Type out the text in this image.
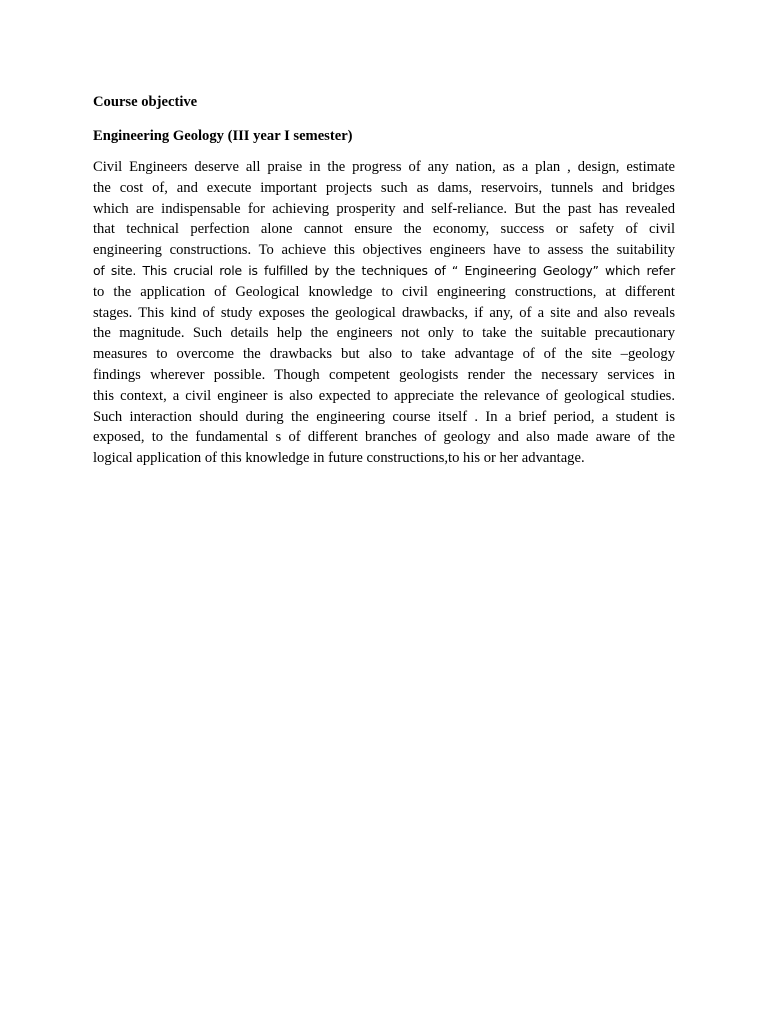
Course objective

Engineering Geology (III year I semester)

Civil Engineers deserve all praise in the progress of any nation, as a plan , design, estimate
the cost of, and execute important projects such as dams, reservoirs, tunnels and bridges
which are indispensable for achieving prosperity and self-reliance. But the past has revealed
that technical perfection alone cannot ensure the economy, success or safety of civil
engineering constructions. To achieve this objectives engineers have to assess the suitability
of site. This crucial role is fulfilled by the techniques of “ Engineering Geology” which refer
to the application of Geological knowledge to civil engineering constructions, at different
stages. This kind of study exposes the geological drawbacks, if any, of a site and also reveals
the magnitude. Such details help the engineers not only to take the suitable precautionary
measures to overcome the drawbacks but also to take advantage of of the site –geology
findings wherever possible. Though competent geologists render the necessary services in
this context, a civil engineer is also expected to appreciate the relevance of geological studies.
Such interaction should during the engineering course itself . In a brief period, a student is
exposed, to the fundamental s of different branches of geology and also made aware of the
logical application of this knowledge in future constructions,to his or her advantage.
